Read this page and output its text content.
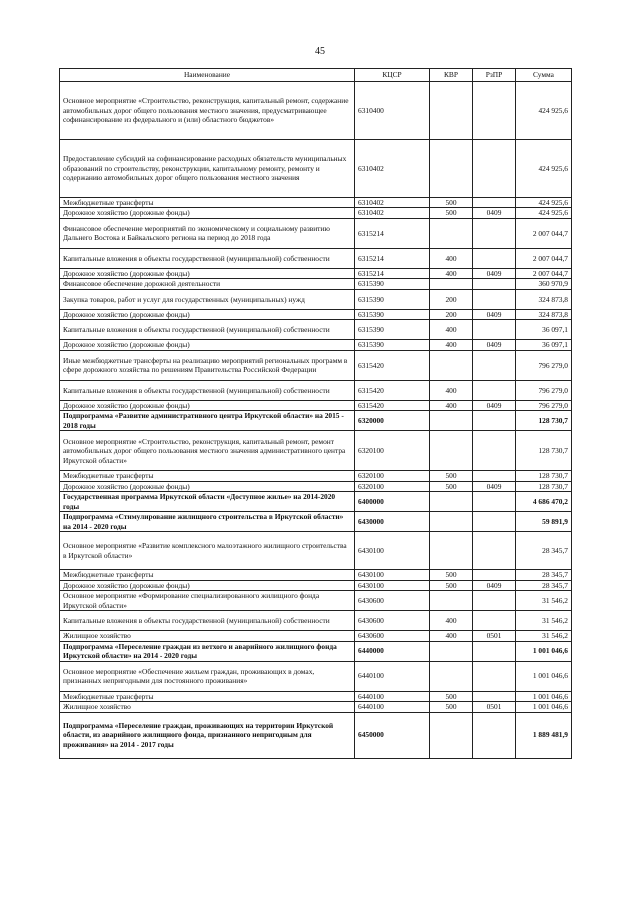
45
Наименование	КЦСР	КВР	РзПР	Сумма
Основное мероприятие «Строительство, реконструкция, капитальный ремонт, содержание автомобильных дорог общего пользования местного значения, предусматривающее софинансирование из федерального и (или) областного бюджетов»	6310400			424 925,6
Предоставление субсидий на софинансирование расходных обязательств муниципальных образований по строительству, реконструкции, капитальному ремонту, ремонту и содержанию автомобильных дорог общего пользования местного значения	6310402			424 925,6
Межбюджетные трансферты	6310402	500		424 925,6
Дорожное хозяйство (дорожные фонды)	6310402	500	0409	424 925,6
Финансовое обеспечение мероприятий по экономическому и социальному развитию Дальнего Востока и Байкальского региона на период до 2018 года	6315214			2 007 044,7
Капитальные вложения в объекты государственной (муниципальной) собственности	6315214	400		2 007 044,7
Дорожное хозяйство (дорожные фонды)	6315214	400	0409	2 007 044,7
Финансовое обеспечение дорожной деятельности	6315390			360 970,9
Закупка товаров, работ и услуг для государственных (муниципальных) нужд	6315390	200		324 873,8
Дорожное хозяйство (дорожные фонды)	6315390	200	0409	324 873,8
Капитальные вложения в объекты государственной (муниципальной) собственности	6315390	400		36 097,1
Дорожное хозяйство (дорожные фонды)	6315390	400	0409	36 097,1
Иные межбюджетные трансферты на реализацию мероприятий региональных программ в сфере дорожного хозяйства по решениям Правительства Российской Федерации	6315420			796 279,0
Капитальные вложения в объекты государственной (муниципальной) собственности	6315420	400		796 279,0
Дорожное хозяйство (дорожные фонды)	6315420	400	0409	796 279,0
Подпрограмма «Развитие административного центра Иркутской области» на 2015 - 2018 годы	6320000			128 730,7
Основное мероприятие «Строительство, реконструкция, капитальный ремонт, ремонт автомобильных дорог общего пользования местного значения административного центра Иркутской области»	6320100			128 730,7
Межбюджетные трансферты	6320100	500		128 730,7
Дорожное хозяйство (дорожные фонды)	6320100	500	0409	128 730,7
Государственная программа Иркутской области «Доступное жилье» на 2014-2020 годы	6400000			4 686 470,2
Подпрограмма «Стимулирование жилищного строительства в Иркутской области» на 2014 - 2020 годы	6430000			59 891,9
Основное мероприятие «Развитие комплексного малоэтажного жилищного строительства в Иркутской области»	6430100			28 345,7
Межбюджетные трансферты	6430100	500		28 345,7
Дорожное хозяйство (дорожные фонды)	6430100	500	0409	28 345,7
Основное мероприятие «Формирование специализированного жилищного фонда Иркутской области»	6430600			31 546,2
Капитальные вложения в объекты государственной (муниципальной) собственности	6430600	400		31 546,2
Жилищное хозяйство	6430600	400	0501	31 546,2
Подпрограмма «Переселение граждан из ветхого и аварийного жилищного фонда Иркутской области» на 2014 - 2020 годы	6440000			1 001 046,6
Основное мероприятие «Обеспечение жильем граждан, проживающих в домах, признанных непригодными для постоянного проживания»	6440100			1 001 046,6
Межбюджетные трансферты	6440100	500		1 001 046,6
Жилищное хозяйство	6440100	500	0501	1 001 046,6
Подпрограмма «Переселение граждан, проживающих на территории Иркутской области, из аварийного жилищного фонда, признанного непригодным для проживания» на 2014 - 2017 годы	6450000			1 889 481,9
